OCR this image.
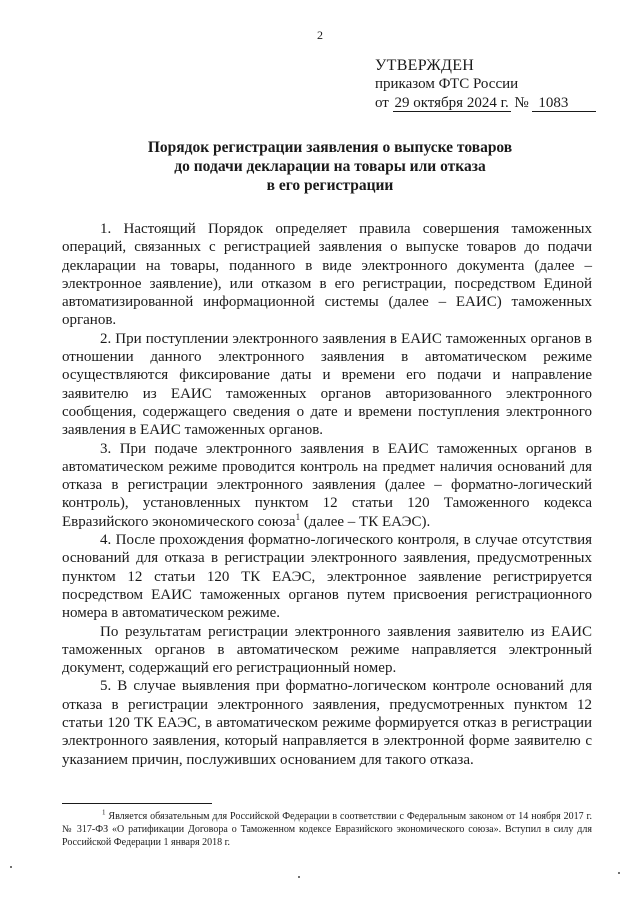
2
УТВЕРЖДЕН
приказом ФТС России
от 29 октября 2024 г. № 1083
Порядок регистрации заявления о выпуске товаров
до подачи декларации на товары или отказа
в его регистрации

1. Настоящий Порядок определяет правила совершения таможенных операций, связанных с регистрацией заявления о выпуске товаров до подачи декларации на товары, поданного в виде электронного документа (далее – электронное заявление), или отказом в его регистрации, посредством Единой автоматизированной информационной системы (далее – ЕАИС) таможенных органов.

2. При поступлении электронного заявления в ЕАИС таможенных органов в отношении данного электронного заявления в автоматическом режиме осуществляются фиксирование даты и времени его подачи и направление заявителю из ЕАИС таможенных органов авторизованного электронного сообщения, содержащего сведения о дате и времени поступления электронного заявления в ЕАИС таможенных органов.

3. При подаче электронного заявления в ЕАИС таможенных органов в автоматическом режиме проводится контроль на предмет наличия оснований для отказа в регистрации электронного заявления (далее – форматно-логический контроль), установленных пунктом 12 статьи 120 Таможенного кодекса Евразийского экономического союза$^1$ (далее – ТК ЕАЭС).

4. После прохождения форматно-логического контроля, в случае отсутствия оснований для отказа в регистрации электронного заявления, предусмотренных пунктом 12 статьи 120 ТК ЕАЭС, электронное заявление регистрируется посредством ЕАИС таможенных органов путем присвоения регистрационного номера в автоматическом режиме.

По результатам регистрации электронного заявления заявителю из ЕАИС таможенных органов в автоматическом режиме направляется электронный документ, содержащий его регистрационный номер.

5. В случае выявления при форматно-логическом контроле оснований для отказа в регистрации электронного заявления, предусмотренных пунктом 12 статьи 120 ТК ЕАЭС, в автоматическом режиме формируется отказ в регистрации электронного заявления, который направляется в электронной форме заявителю с указанием причин, послуживших основанием для такого отказа.

$^1$ Является обязательным для Российской Федерации в соответствии с Федеральным законом от 14 ноября 2017 г. № 317-ФЗ «О ратификации Договора о Таможенном кодексе Евразийского экономического союза». Вступил в силу для Российской Федерации 1 января 2018 г.
